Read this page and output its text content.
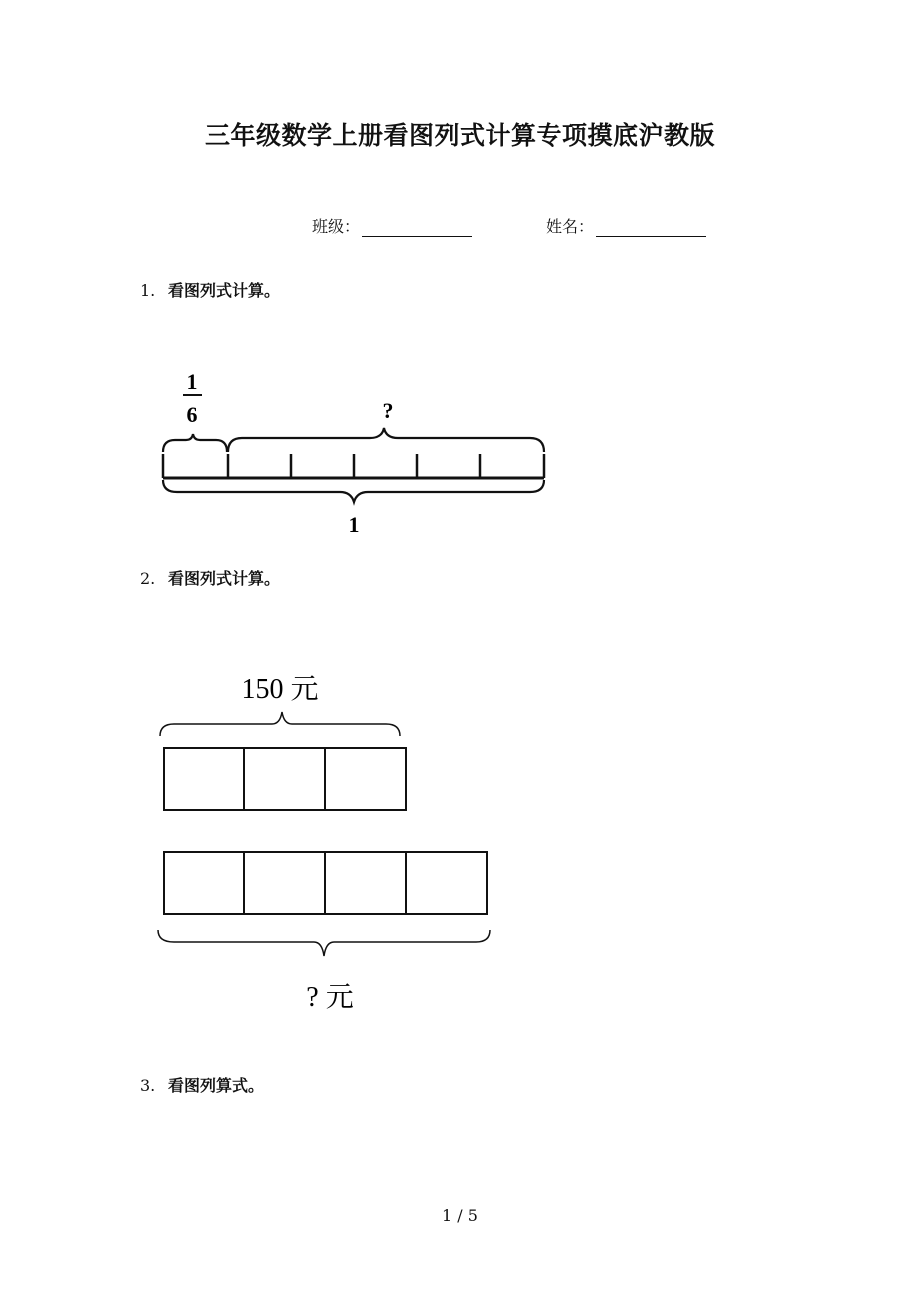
三年级数学上册看图列式计算专项摸底沪教版
班级：	姓名：
1. 看图列式计算。
1
6	?
1
2. 看图列式计算。
150 元
? 元
3. 看图列算式。
1 / 5
